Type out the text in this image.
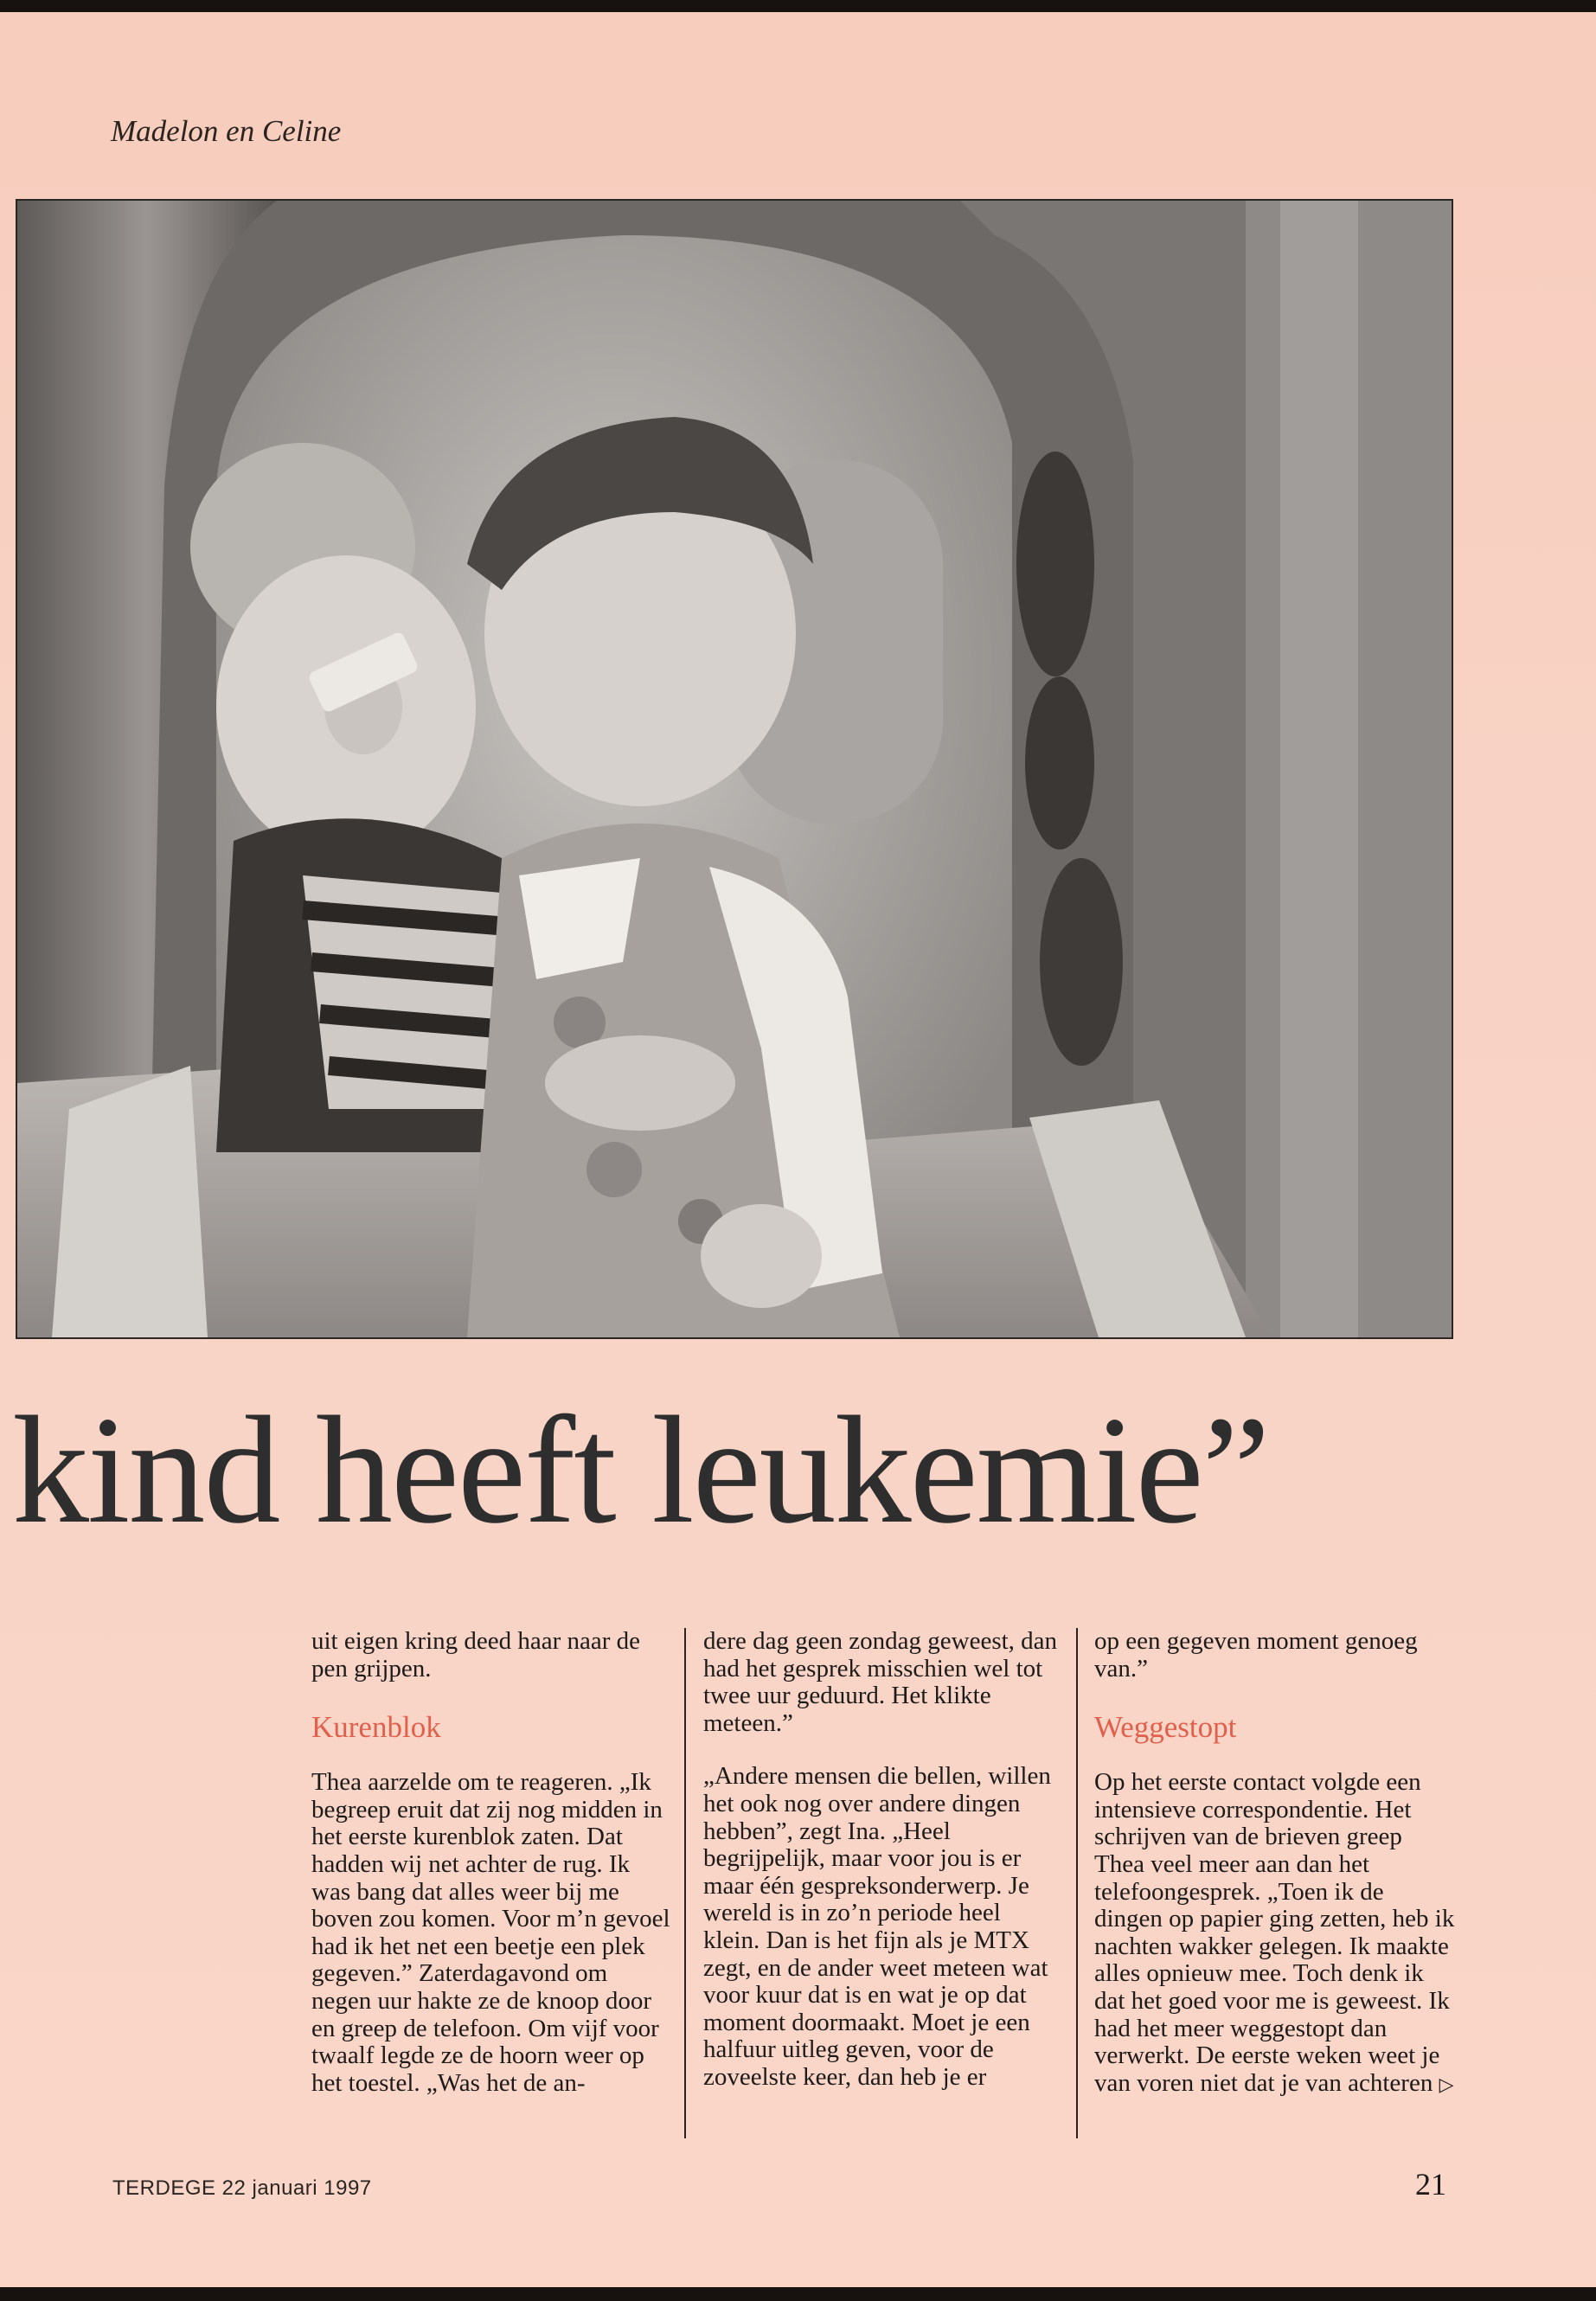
Madelon en Celine
kind heeft leukemie”

uit eigen kring deed haar naar de pen grijpen.

Kurenblok

Thea aarzelde om te reageren. „Ik begreep eruit dat zij nog midden in het eerste kurenblok zaten. Dat hadden wij net achter de rug. Ik was bang dat alles weer bij me boven zou komen. Voor m’n gevoel had ik het net een beetje een plek gegeven.” Zaterdagavond om negen uur hakte ze de knoop door en greep de telefoon. Om vijf voor twaalf legde ze de hoorn weer op het toestel. „Was het de an-

dere dag geen zondag geweest, dan had het gesprek misschien wel tot twee uur geduurd. Het klikte meteen.”

„Andere mensen die bellen, willen het ook nog over andere dingen hebben”, zegt Ina. „Heel begrijpelijk, maar voor jou is er maar één gespreksonderwerp. Je wereld is in zo’n periode heel klein. Dan is het fijn als je MTX zegt, en de ander weet meteen wat voor kuur dat is en wat je op dat moment doormaakt. Moet je een halfuur uitleg geven, voor de zoveelste keer, dan heb je er

op een gegeven moment genoeg van.”

Weggestopt

Op het eerste contact volgde een intensieve correspondentie. Het schrijven van de brieven greep Thea veel meer aan dan het telefoongesprek. „Toen ik de dingen op papier ging zetten, heb ik nachten wakker gelegen. Ik maakte alles opnieuw mee. Toch denk ik dat het goed voor me is geweest. Ik had het meer weggestopt dan verwerkt. De eerste weken weet je van voren niet dat je van achteren ▷

TERDEGE 22 januari 1997	21
